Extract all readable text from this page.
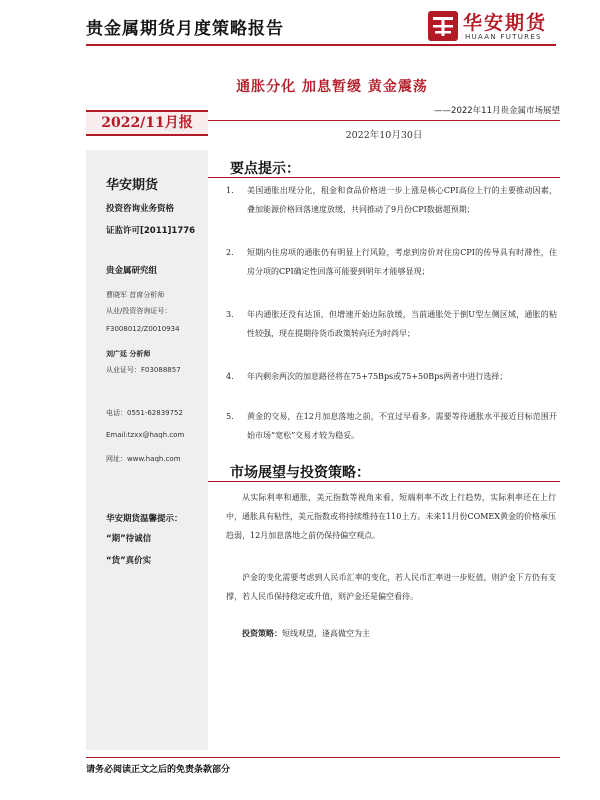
贵金属期货月度策略报告	华安期货
HUAAN FUTURES
通胀分化 加息暂缓 黄金震荡
——2022年11月贵金属市场展望
2022/11月报
2022年10月30日
华安期货
投资咨询业务资格
证监许可[2011]1776
贵金属研究组
曹晓军 首席分析师
从业/投资咨询证号：
F3008012/Z0010934
刘广廷 分析师
从业证号：F03088857
电话：0551-62839752
Email:tzxx@haqh.com
网址：www.haqh.com
华安期货温馨提示：
“期”待诚信
“货”真价实
要点提示：
1. 美国通胀出现分化，租金和食品价格进一步上涨是核心CPI高位上行的主要推动因素，叠加能源价格回落速度放缓，共同推动了9月份CPI数据超预期；
2. 短期内住房项的通胀仍有明显上行风险，考虑到房价对住房CPI的传导具有时滞性，住房分项的CPI确定性回落可能要到明年才能够显现；
3. 年内通胀还没有达顶，但增速开始边际放缓，当前通胀处于倒U型左侧区域，通胀的粘性较强，现在提期待货币政策转向还为时尚早；
4. 年内剩余两次的加息路径将在75+75Bps或75+50Bps两者中进行选择；
5. 黄金的交易，在12月加息落地之前，不宜过早看多。需要等待通胀水平接近目标范围开始市场“宽松”交易才较为稳妥。
市场展望与投资策略：
从实际利率和通胀，美元指数等视角来看，短端利率不改上行趋势，实际利率还在上行中，通胀具有粘性，美元指数或将持续维持在110上方。未来11月份COMEX黄金的价格承压趋弱，12月加息落地之前仍保持偏空观点。
沪金的变化需要考虑到人民币汇率的变化，若人民币汇率进一步贬值，则沪金下方仍有支撑，若人民币保持稳定或升值，则沪金还是偏空看待。
投资策略：短线观望，逢高做空为主
请务必阅读正文之后的免责条款部分
